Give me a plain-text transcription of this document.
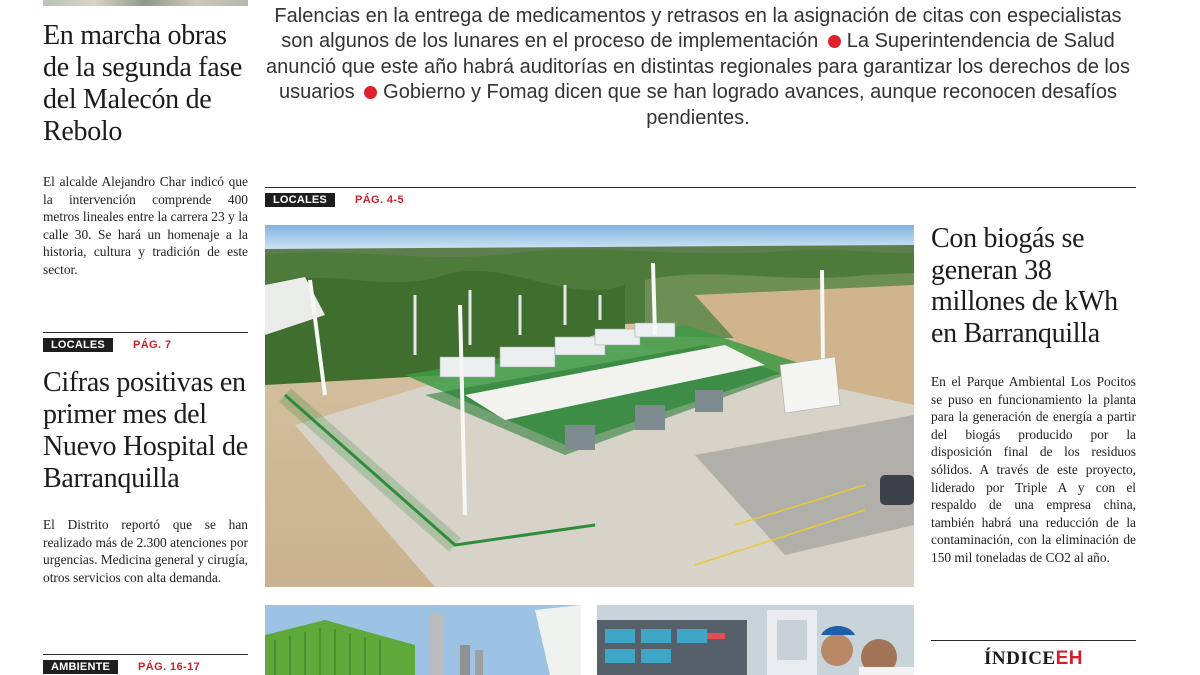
En marcha obras de la segunda fase del Malecón de Rebolo
El alcalde Alejandro Char indicó que la intervención comprende 400 metros lineales entre la carrera 23 y la calle 30. Se hará un homenaje a la historia, cultura y tradición de este sector.
LOCALES	PÁG. 7
Cifras positivas en primer mes del Nuevo Hospital de Barranquilla
El Distrito reportó que se han realizado más de 2.300 atenciones por urgencias. Medicina general y cirugía, otros servicios con alta demanda.
AMBIENTE	PÁG. 16-17
Falencias en la entrega de medicamentos y retrasos en la asignación de citas con especialistas son algunos de los lunares en el proceso de implementación La Superintendencia de Salud anunció que este año habrá auditorías en distintas regionales para garantizar los derechos de los usuarios Gobierno y Fomag dicen que se han logrado avances, aunque reconocen desafíos pendientes.
LOCALES	PÁG. 4-5
Con biogás se generan 38 millones de kWh en Barranquilla
En el Parque Ambiental Los Pocitos se puso en funcionamiento la planta para la generación de energía a partir del biogás producido por la disposición final de los residuos sólidos. A través de este proyecto, liderado por Triple A y con el respaldo de una empresa china, también habrá una reducción de la contaminación, con la eliminación de 150 mil toneladas de CO2 al año.
ÍNDICEEH
